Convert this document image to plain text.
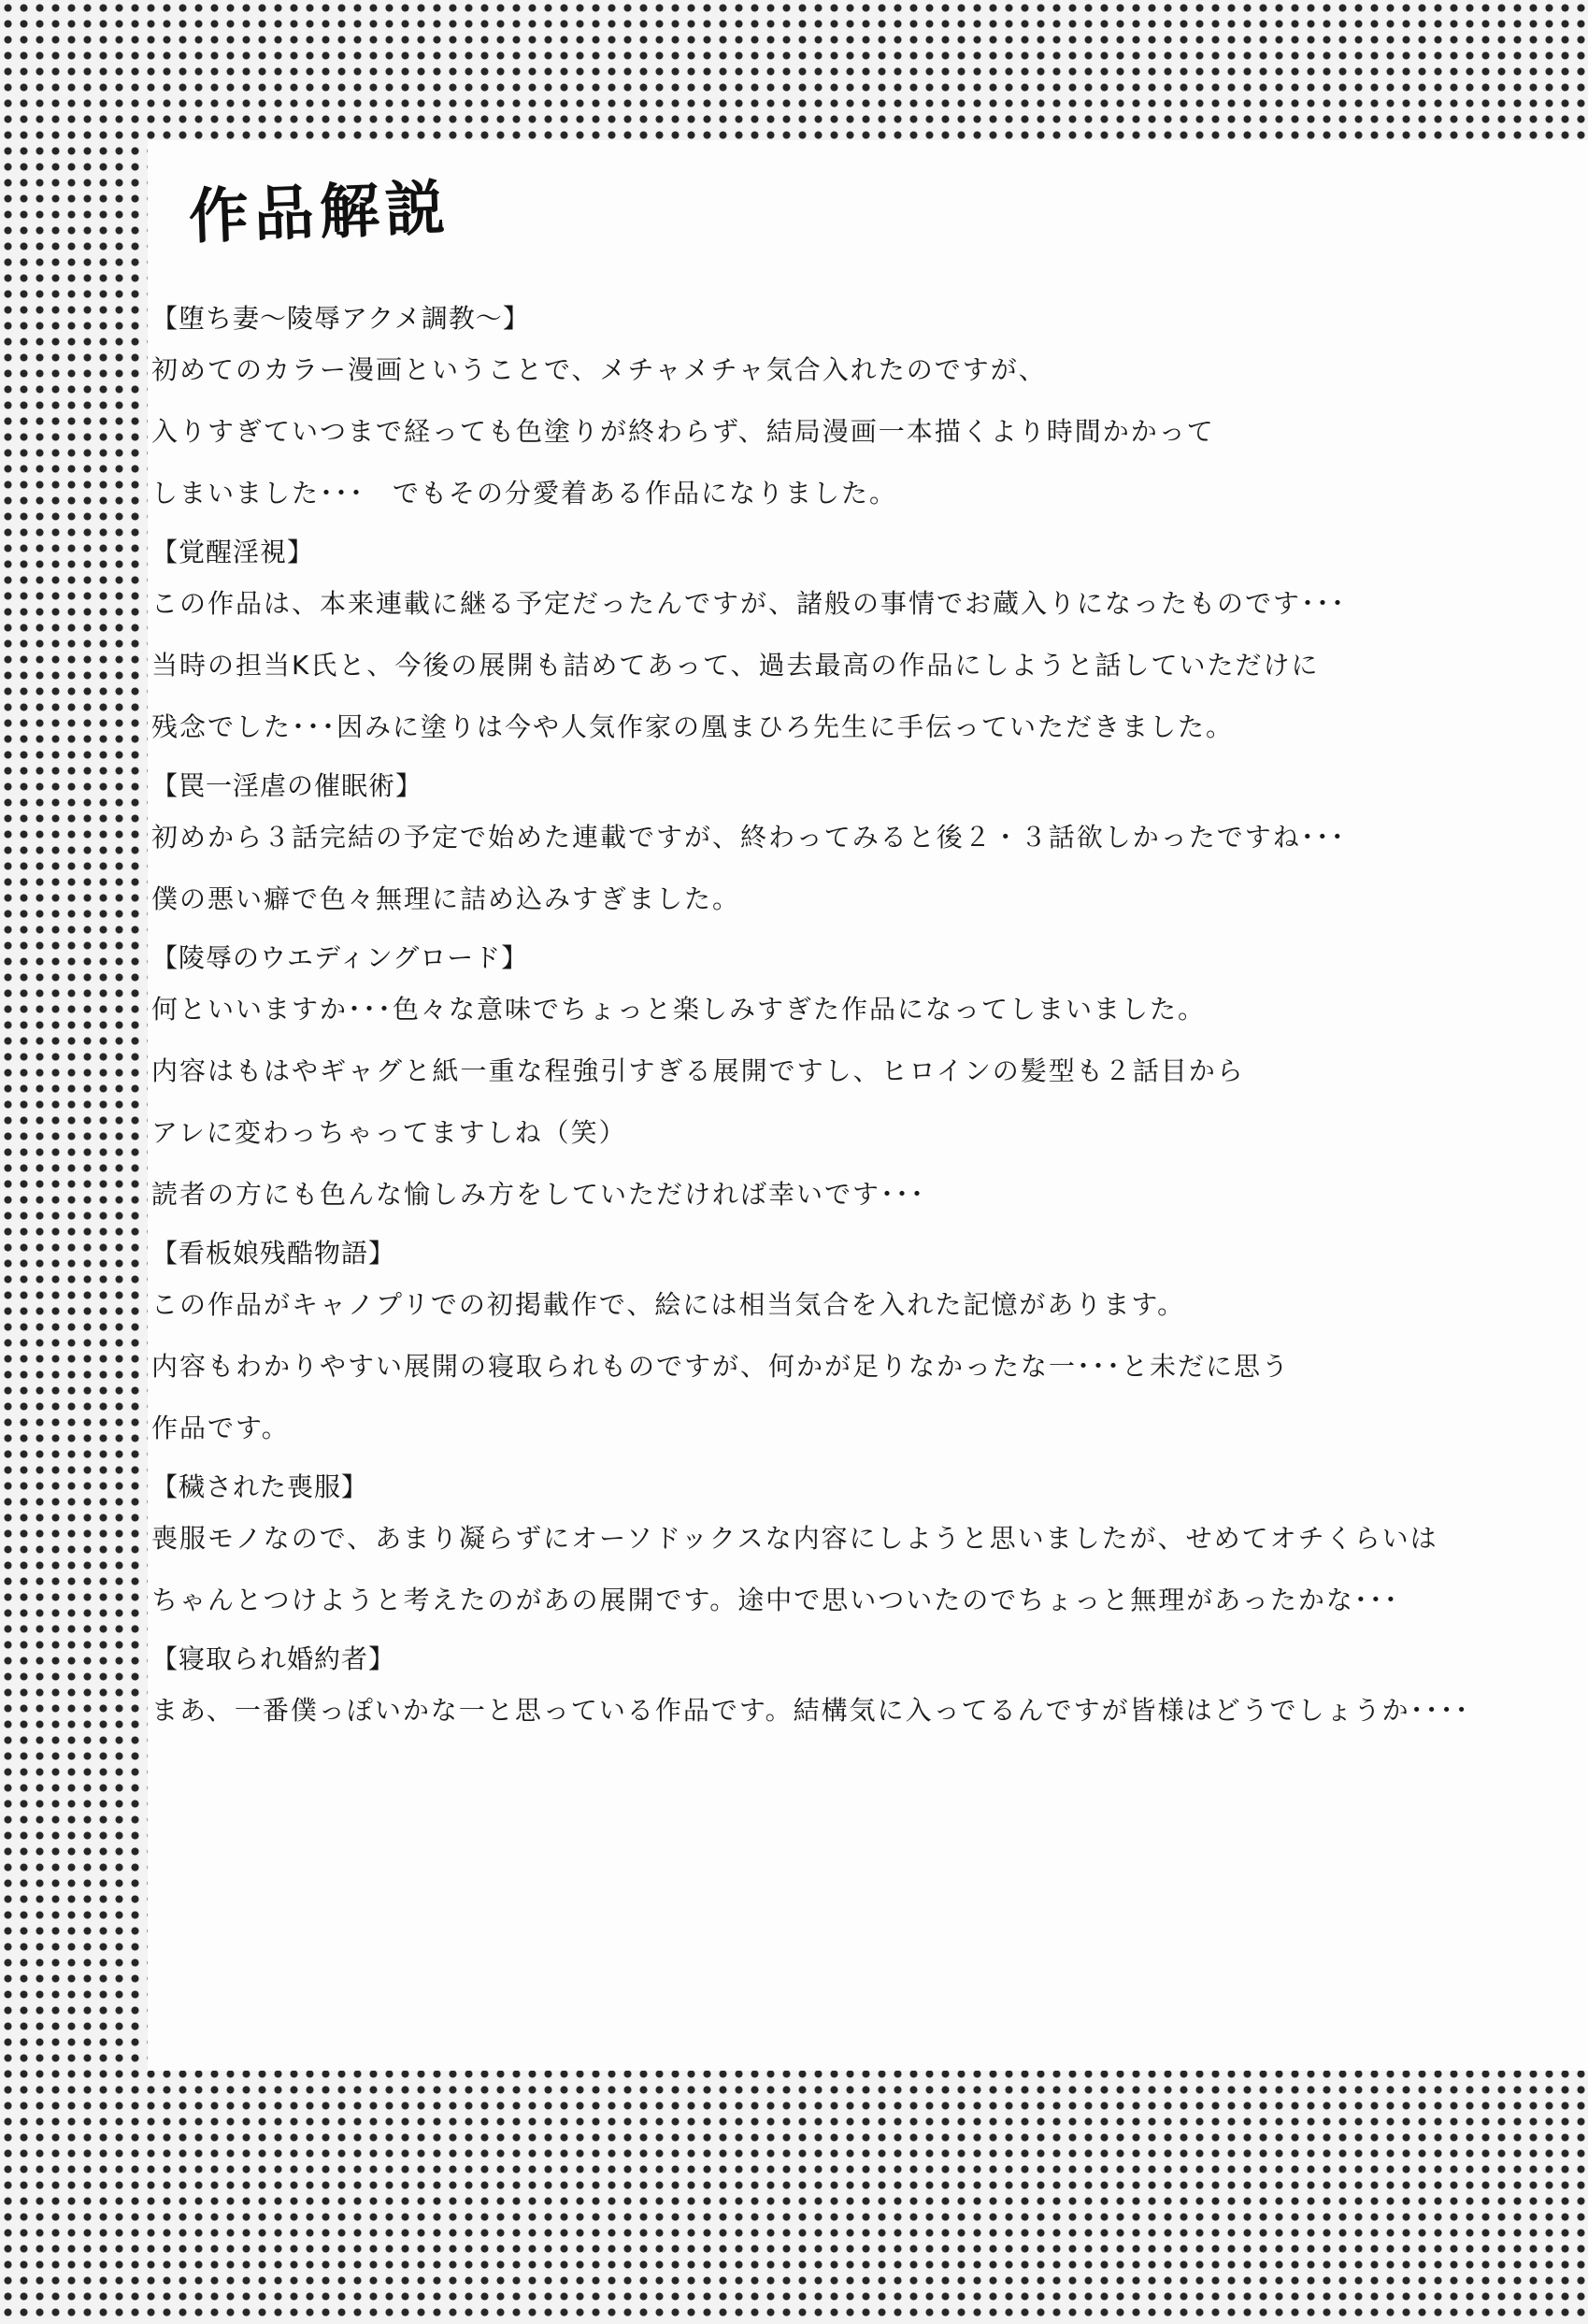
作品解説
【堕ち妻～陵辱アクメ調教～】
初めてのカラー漫画ということで、メチャメチャ気合入れたのですが、
入りすぎていつまで経っても色塗りが終わらず、結局漫画一本描くより時間かかって
しまいました･･･　でもその分愛着ある作品になりました。
【覚醒淫視】
この作品は、本来連載に継る予定だったんですが、諸般の事情でお蔵入りになったものです･･･
当時の担当K氏と、今後の展開も詰めてあって、過去最高の作品にしようと話していただけに
残念でした･･･因みに塗りは今や人気作家の凰まひろ先生に手伝っていただきました。
【罠一淫虐の催眠術】
初めから３話完結の予定で始めた連載ですが、終わってみると後２・３話欲しかったですね･･･
僕の悪い癖で色々無理に詰め込みすぎました。
【陵辱のウエディングロード】
何といいますか･･･色々な意味でちょっと楽しみすぎた作品になってしまいました。
内容はもはやギャグと紙一重な程強引すぎる展開ですし、ヒロインの髪型も２話目から
アレに変わっちゃってますしね（笑）
読者の方にも色んな愉しみ方をしていただければ幸いです･･･
【看板娘残酷物語】
この作品がキャノプリでの初掲載作で、絵には相当気合を入れた記憶があります。
内容もわかりやすい展開の寝取られものですが、何かが足りなかったな一･･･と未だに思う
作品です。
【穢された喪服】
喪服モノなので、あまり凝らずにオーソドックスな内容にしようと思いましたが、せめてオチくらいは
ちゃんとつけようと考えたのがあの展開です。途中で思いついたのでちょっと無理があったかな･･･
【寝取られ婚約者】
まあ、一番僕っぽいかな一と思っている作品です。結構気に入ってるんですが皆様はどうでしょうか････
